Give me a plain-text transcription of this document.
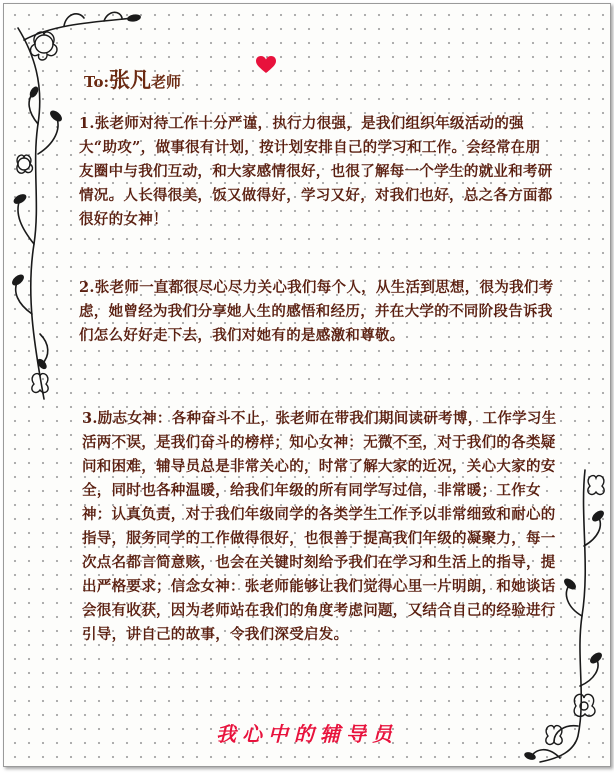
To:张凡老师

1.张老师对待工作十分严谨，执行力很强，是我们组织年级活动的强大“助攻”，做事很有计划，按计划安排自己的学习和工作。会经常在朋友圈中与我们互动，和大家感情很好，也很了解每一个学生的就业和考研情况。人长得很美，饭又做得好，学习又好，对我们也好，总之各方面都很好的女神！

2.张老师一直都很尽心尽力关心我们每个人，从生活到思想，很为我们考虑，她曾经为我们分享她人生的感悟和经历，并在大学的不同阶段告诉我们怎么好好走下去，我们对她有的是感激和尊敬。

3.励志女神：各种奋斗不止，张老师在带我们期间读研考博，工作学习生活两不误，是我们奋斗的榜样；知心女神：无微不至，对于我们的各类疑问和困难，辅导员总是非常关心的，时常了解大家的近况，关心大家的安全，同时也各种温暖，给我们年级的所有同学写过信，非常暖；工作女神：认真负责，对于我们年级同学的各类学生工作予以非常细致和耐心的指导，服务同学的工作做得很好，也很善于提高我们年级的凝聚力，每一次点名都言简意赅，也会在关键时刻给予我们在学习和生活上的指导，提出严格要求；信念女神：张老师能够让我们觉得心里一片明朗，和她谈话会很有收获，因为老师站在我们的角度考虑问题，又结合自己的经验进行引导，讲自己的故事，令我们深受启发。

我心中的辅导员
